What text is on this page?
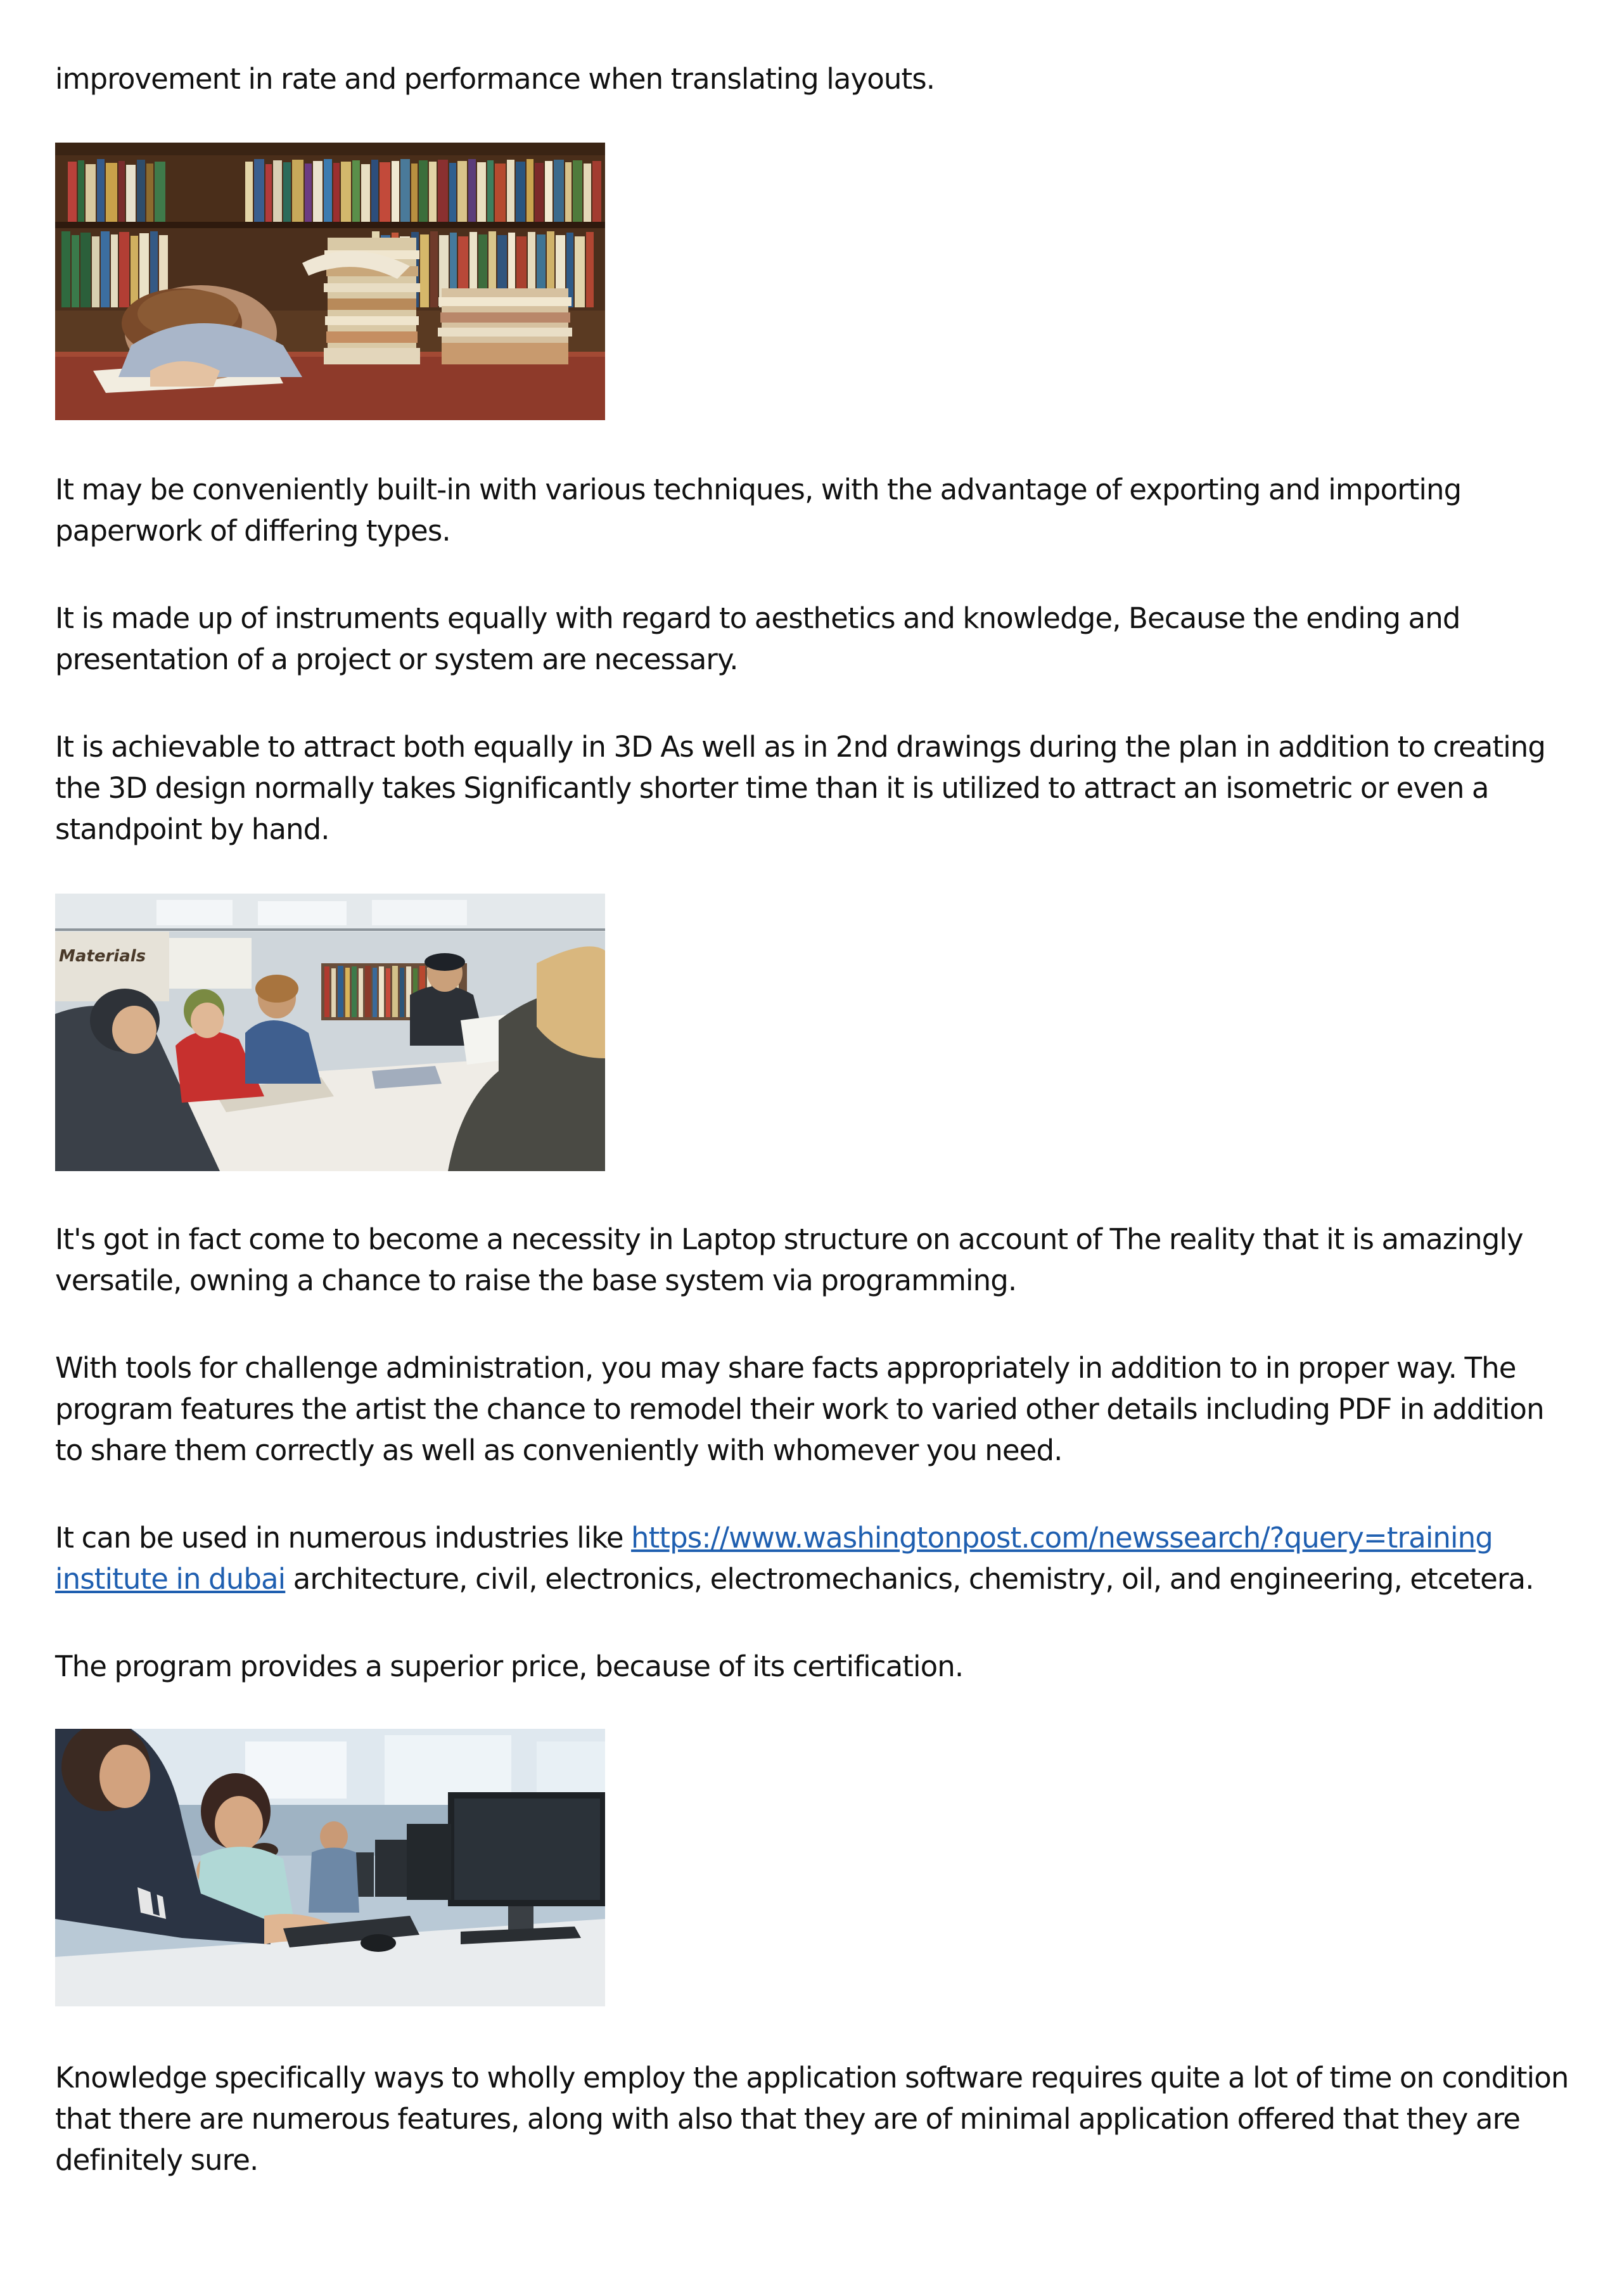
improvement in rate and performance when translating layouts.

It may be conveniently built-in with various techniques, with the advantage of exporting and importing paperwork of differing types.

It is made up of instruments equally with regard to aesthetics and knowledge, Because the ending and presentation of a project or system are necessary.

It is achievable to attract both equally in 3D As well as in 2nd drawings during the plan in addition to creating the 3D design normally takes Significantly shorter time than it is utilized to attract an isometric or even a standpoint by hand.

Materials

It's got in fact come to become a necessity in Laptop structure on account of The reality that it is amazingly versatile, owning a chance to raise the base system via programming.

With tools for challenge administration, you may share facts appropriately in addition to in proper way. The program features the artist the chance to remodel their work to varied other details including PDF in addition to share them correctly as well as conveniently with whomever you need.

It can be used in numerous industries like https://www.washingtonpost.com/newssearch/?query=training institute in dubai architecture, civil, electronics, electromechanics, chemistry, oil, and engineering, etcetera.

The program provides a superior price, because of its certification.

Knowledge specifically ways to wholly employ the application software requires quite a lot of time on condition that there are numerous features, along with also that they are of minimal application offered that they are definitely sure.
